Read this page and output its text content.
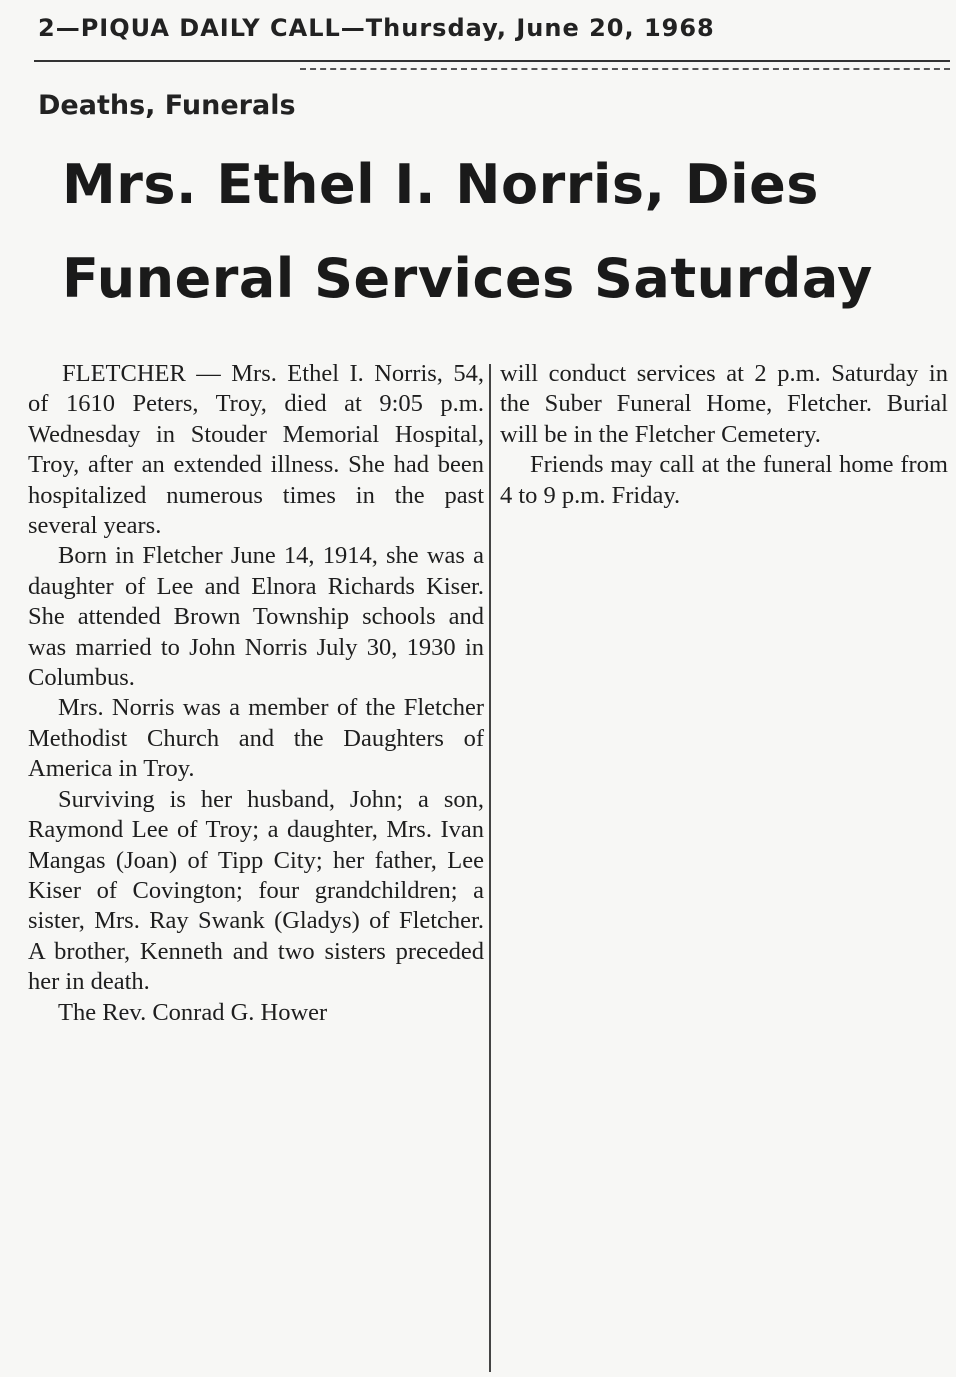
2—PIQUA DAILY CALL—Thursday, June 20, 1968
Deaths, Funerals
Mrs. Ethel I. Norris, Dies
Funeral Services Saturday

FLETCHER — Mrs. Ethel I. Norris, 54, of 1610 Peters, Troy, died at 9:05 p.m. Wednesday in Stouder Memorial Hospital, Troy, after an extended illness. She had been hospitalized numerous times in the past several years.

Born in Fletcher June 14, 1914, she was a daughter of Lee and Elnora Richards Kiser. She attended Brown Township schools and was married to John Norris July 30, 1930 in Columbus.

Mrs. Norris was a member of the Fletcher Methodist Church and the Daughters of America in Troy.

Surviving is her husband, John; a son, Raymond Lee of Troy; a daughter, Mrs. Ivan Mangas (Joan) of Tipp City; her father, Lee Kiser of Covington; four grandchildren; a sister, Mrs. Ray Swank (Gladys) of Fletcher. A brother, Kenneth and two sisters preceded her in death.

The Rev. Conrad G. Hower

will conduct services at 2 p.m. Saturday in the Suber Funeral Home, Fletcher. Burial will be in the Fletcher Cemetery.

Friends may call at the funeral home from 4 to 9 p.m. Friday.
